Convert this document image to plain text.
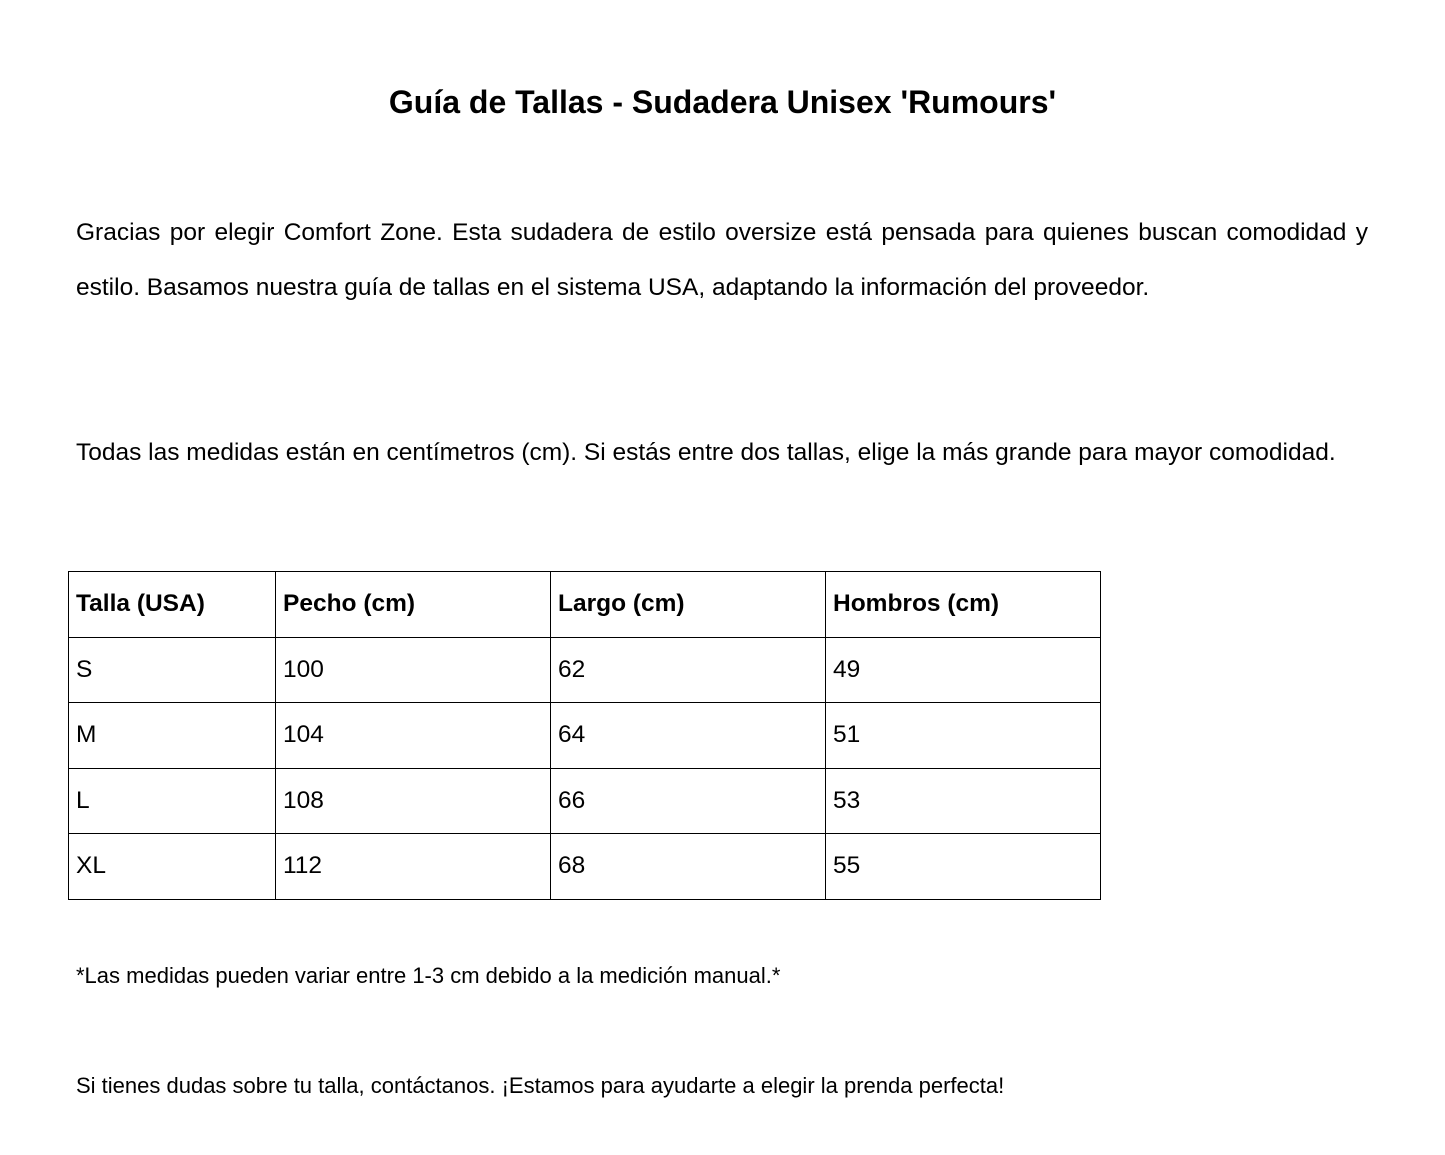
Guía de Tallas - Sudadera Unisex 'Rumours'

Gracias por elegir Comfort Zone. Esta sudadera de estilo oversize está pensada para quienes buscan comodidad y estilo. Basamos nuestra guía de tallas en el sistema USA, adaptando la información del proveedor.

Todas las medidas están en centímetros (cm). Si estás entre dos tallas, elige la más grande para mayor comodidad.

Talla (USA)	Pecho (cm)	Largo (cm)	Hombros (cm)
S	100	62	49
M	104	64	51
L	108	66	53
XL	112	68	55

*Las medidas pueden variar entre 1-3 cm debido a la medición manual.*

Si tienes dudas sobre tu talla, contáctanos. ¡Estamos para ayudarte a elegir la prenda perfecta!
